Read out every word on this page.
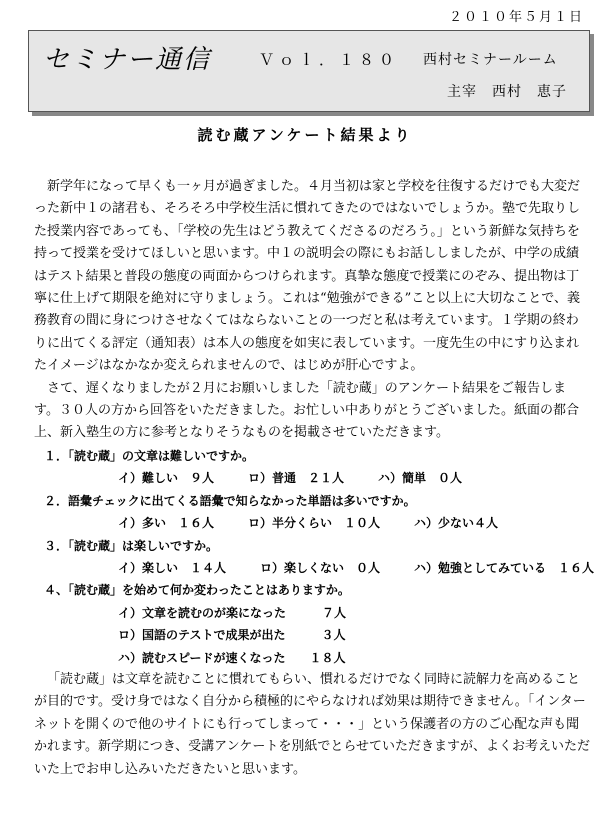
２０１０年５月１日
セミナー通信	Ｖｏｌ．１８０ 西村セミナールーム
主宰　西村　恵子
読む蔵アンケート結果より

新学年になって早くも一ヶ月が過ぎました。４月当初は家と学校を往復するだけでも大変だった新中１の諸君も、そろそろ中学校生活に慣れてきたのではないでしょうか。塾で先取りした授業内容であっても、「学校の先生はどう教えてくださるのだろう。」という新鮮な気持ちを持って授業を受けてほしいと思います。中１の説明会の際にもお話ししましたが、中学の成績はテスト結果と普段の態度の両面からつけられます。真摯な態度で授業にのぞみ、提出物は丁寧に仕上げて期限を絶対に守りましょう。これは“勉強ができる”こと以上に大切なことで、義務教育の間に身につけさせなくてはならないことの一つだと私は考えています。１学期の終わりに出てくる評定（通知表）は本人の態度を如実に表しています。一度先生の中にすり込まれたイメージはなかなか変えられませんので、はじめが肝心ですよ。

さて、遅くなりましたが２月にお願いしました「読む蔵」のアンケート結果をご報告します。３０人の方から回答をいただきました。お忙しい中ありがとうございました。紙面の都合上、新入塾生の方に参考となりそうなものを掲載させていただきます。

１．「読む蔵」の文章は難しいですか。
イ）難しい　９人	ロ）普通　２１人	ハ）簡単　０人
２．語彙チェックに出てくる語彙で知らなかった単語は多いですか。
イ）多い　１６人	ロ）半分くらい　１０人	ハ）少ない４人
３．「読む蔵」は楽しいですか。
イ）楽しい　１４人	ロ）楽しくない　０人	ハ）勉強としてみている　１６人
４、「読む蔵」を始めて何か変わったことはありますか。
イ）文章を読むのが楽になった　　　７人
ロ）国語のテストで成果が出た　　　３人
ハ）読むスピードが速くなった　　１８人

「読む蔵」は文章を読むことに慣れてもらい、慣れるだけでなく同時に読解力を高めることが目的です。受け身ではなく自分から積極的にやらなければ効果は期待できません。「インターネットを開くので他のサイトにも行ってしまって・・・」という保護者の方のご心配な声も聞かれます。新学期につき、受講アンケートを別紙でとらせていただきますが、よくお考えいただいた上でお申し込みいただきたいと思います。
